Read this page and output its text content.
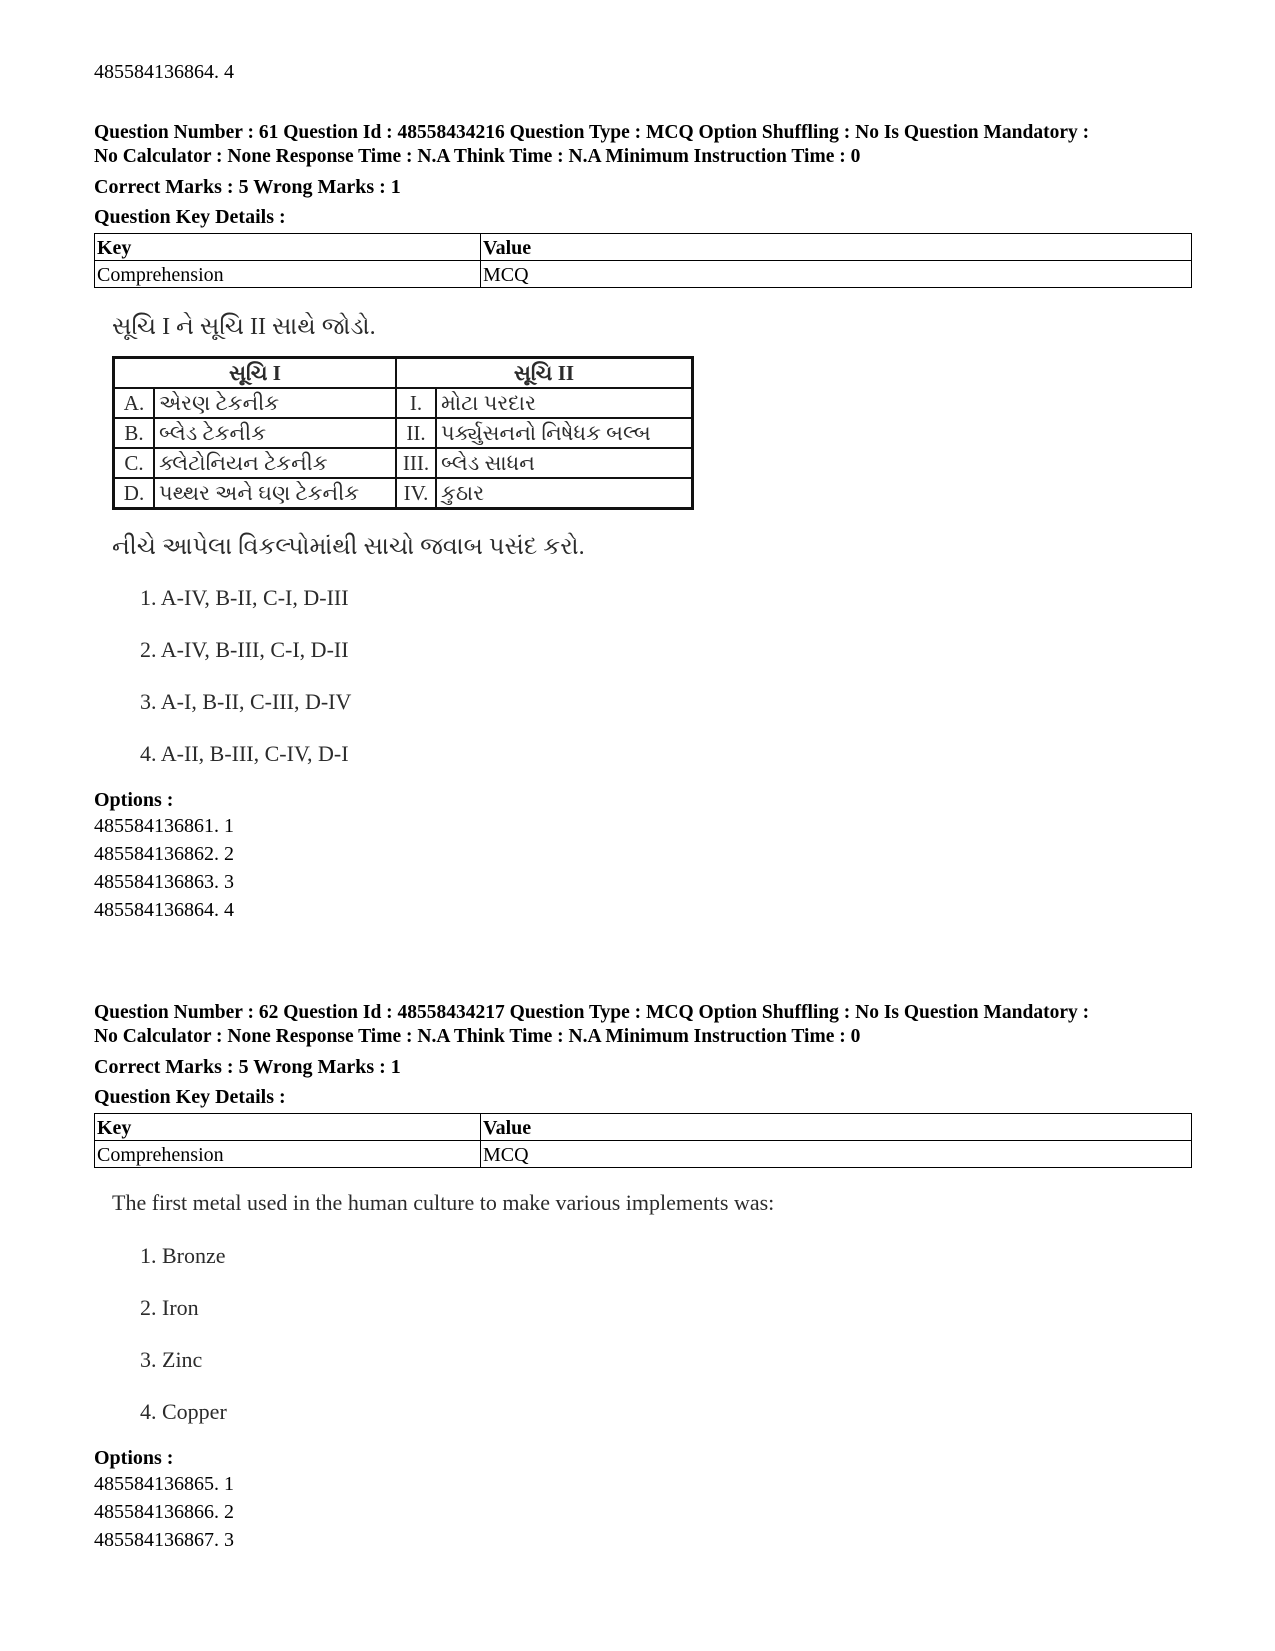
485584136864. 4

Question Number : 61 Question Id : 48558434216 Question Type : MCQ Option Shuffling : No Is Question Mandatory :

No Calculator : None Response Time : N.A Think Time : N.A Minimum Instruction Time : 0

Correct Marks : 5 Wrong Marks : 1

Question Key Details :

Key	Value
Comprehension	MCQ

સૂચિ I ને સૂચિ II સાથે જોડો.

સૂચિ I		સૂચિ II	
A.	એરણ ટેકનીક	I.	મોટા પરદાર
B.	બ્લેડ ટેકનીક	II.	પર્ક્યુસનનો નિષેધક બલ્બ
C.	ક્લેટોનિયન ટેકનીક	III.	બ્લેડ સાધન
D.	પથ્થર અને ઘણ ટેકનીક	IV.	કુઠાર

નીચે આપેલા વિકલ્પોમાંથી સાચો જવાબ પસંદ કરો.

1. A-IV, B-II, C-I, D-III

2. A-IV, B-III, C-I, D-II

3. A-I, B-II, C-III, D-IV

4. A-II, B-III, C-IV, D-I

Options :

485584136861. 1

485584136862. 2

485584136863. 3

485584136864. 4

Question Number : 62 Question Id : 48558434217 Question Type : MCQ Option Shuffling : No Is Question Mandatory :

No Calculator : None Response Time : N.A Think Time : N.A Minimum Instruction Time : 0

Correct Marks : 5 Wrong Marks : 1

Question Key Details :

Key	Value
Comprehension	MCQ

The first metal used in the human culture to make various implements was:

1. Bronze

2. Iron

3. Zinc

4. Copper

Options :

485584136865. 1

485584136866. 2

485584136867. 3
